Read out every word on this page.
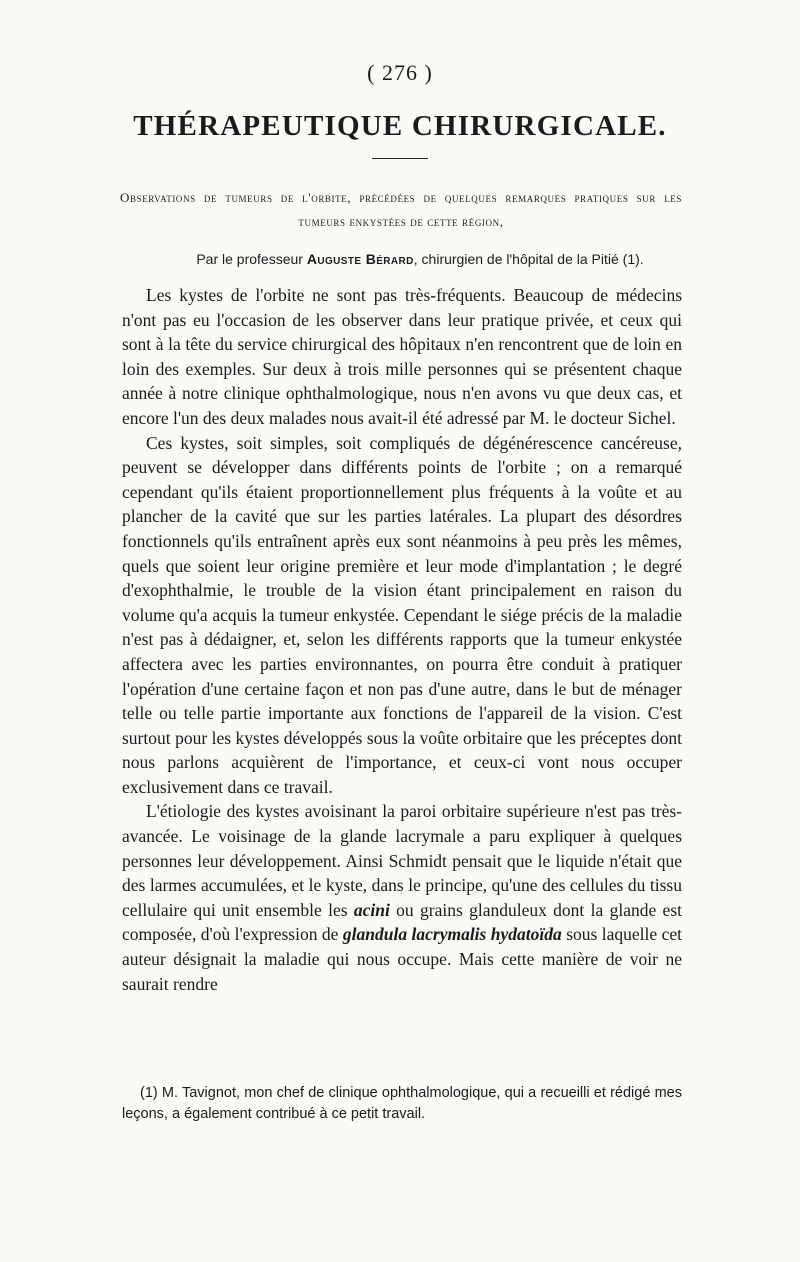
( 276 )
THÉRAPEUTIQUE CHIRURGICALE.
Observations de tumeurs de l'orbite, précédées de quelques remarques pratiques sur les tumeurs enkystées de cette région,
Par le professeur Auguste Bérard, chirurgien de l'hôpital de la Pitié (1).

Les kystes de l'orbite ne sont pas très-fréquents. Beaucoup de médecins n'ont pas eu l'occasion de les observer dans leur pratique privée, et ceux qui sont à la tête du service chirurgical des hôpitaux n'en rencontrent que de loin en loin des exemples. Sur deux à trois mille personnes qui se présentent chaque année à notre clinique ophthalmologique, nous n'en avons vu que deux cas, et encore l'un des deux malades nous avait-il été adressé par M. le docteur Sichel.

Ces kystes, soit simples, soit compliqués de dégénérescence cancéreuse, peuvent se développer dans différents points de l'orbite ; on a remarqué cependant qu'ils étaient proportionnellement plus fréquents à la voûte et au plancher de la cavité que sur les parties latérales. La plupart des désordres fonctionnels qu'ils entraînent après eux sont néanmoins à peu près les mêmes, quels que soient leur origine première et leur mode d'implantation ; le degré d'exophthalmie, le trouble de la vision étant principalement en raison du volume qu'a acquis la tumeur enkystée. Cependant le siége précis de la maladie n'est pas à dédaigner, et, selon les différents rapports que la tumeur enkystée affectera avec les parties environnantes, on pourra être conduit à pratiquer l'opération d'une certaine façon et non pas d'une autre, dans le but de ménager telle ou telle partie importante aux fonctions de l'appareil de la vision. C'est surtout pour les kystes développés sous la voûte orbitaire que les préceptes dont nous parlons acquièrent de l'importance, et ceux-ci vont nous occuper exclusivement dans ce travail.

L'étiologie des kystes avoisinant la paroi orbitaire supérieure n'est pas très-avancée. Le voisinage de la glande lacrymale a paru expliquer à quelques personnes leur développement. Ainsi Schmidt pensait que le liquide n'était que des larmes accumulées, et le kyste, dans le principe, qu'une des cellules du tissu cellulaire qui unit ensemble les acini ou grains glanduleux dont la glande est composée, d'où l'expression de glandula lacrymalis hydatoïda sous laquelle cet auteur désignait la maladie qui nous occupe. Mais cette manière de voir ne saurait rendre

(1) M. Tavignot, mon chef de clinique ophthalmologique, qui a recueilli et rédigé mes leçons, a également contribué à ce petit travail.
